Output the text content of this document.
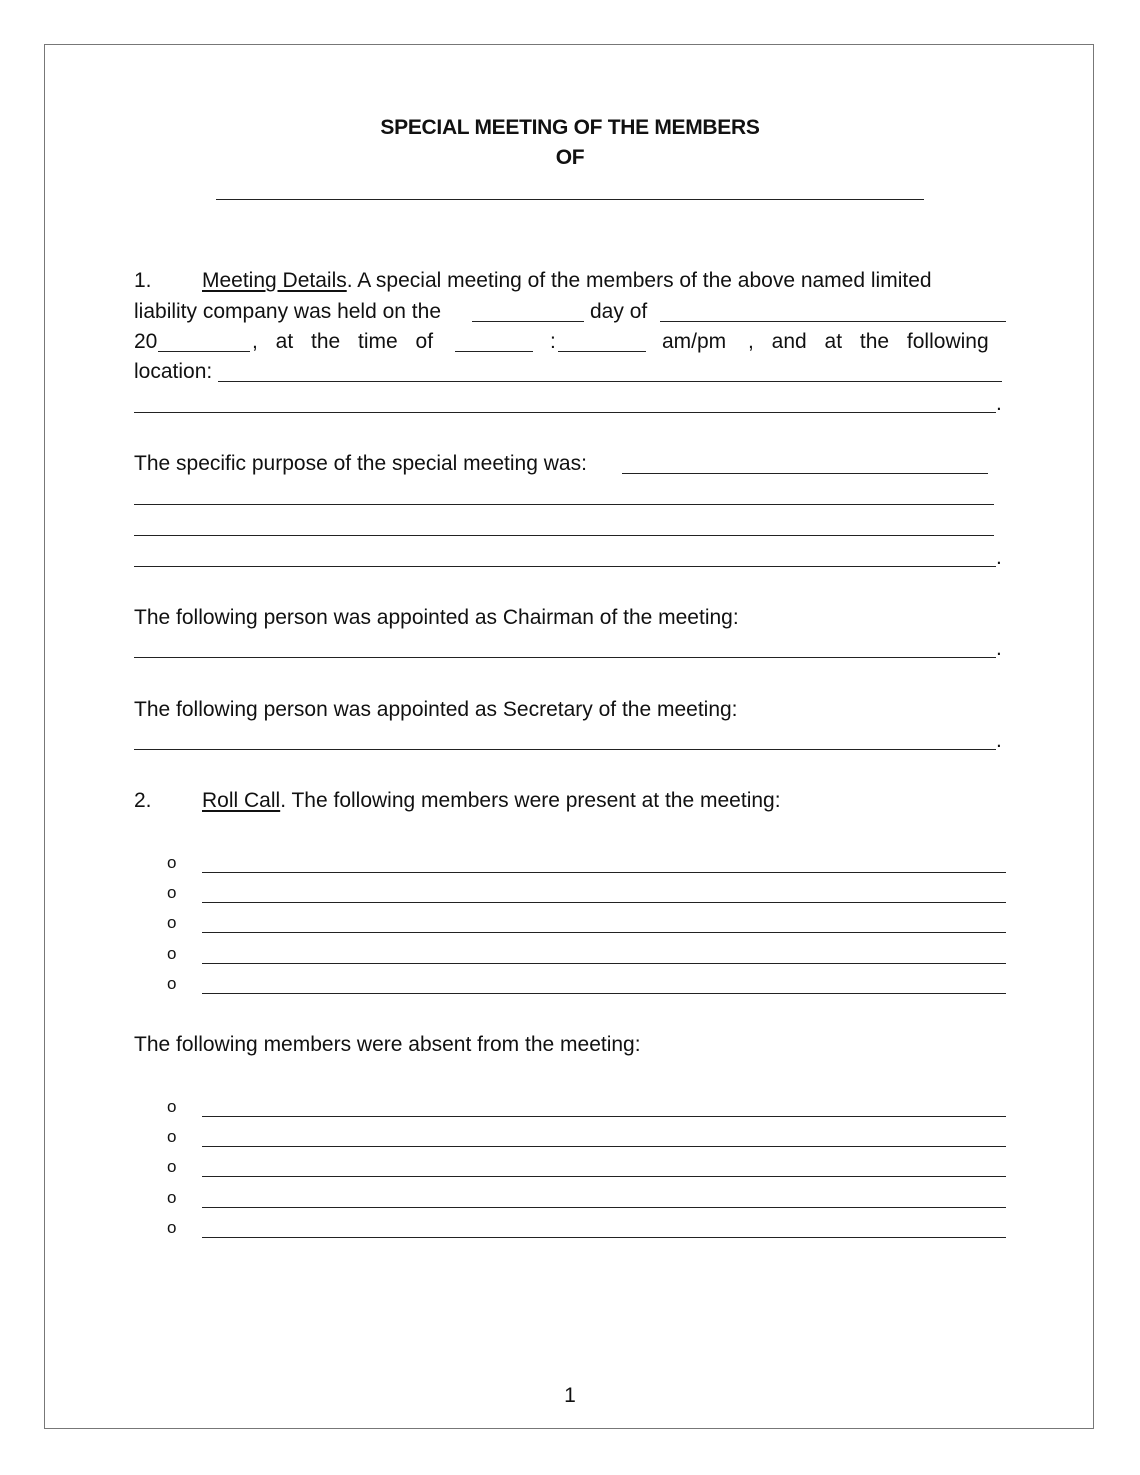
SPECIAL MEETING OF THE MEMBERS
OF
1. Meeting Details. A special meeting of the members of the above named limited
liability company was held on the	day of
20	, at the time of	:	am/pm , and at the following
location:
.
The specific purpose of the special meeting was:
.
The following person was appointed as Chairman of the meeting:
.
The following person was appointed as Secretary of the meeting:
.
2. Roll Call. The following members were present at the meeting:
o
o
o
o
o
The following members were absent from the meeting:
o
o
o
o
o
1
